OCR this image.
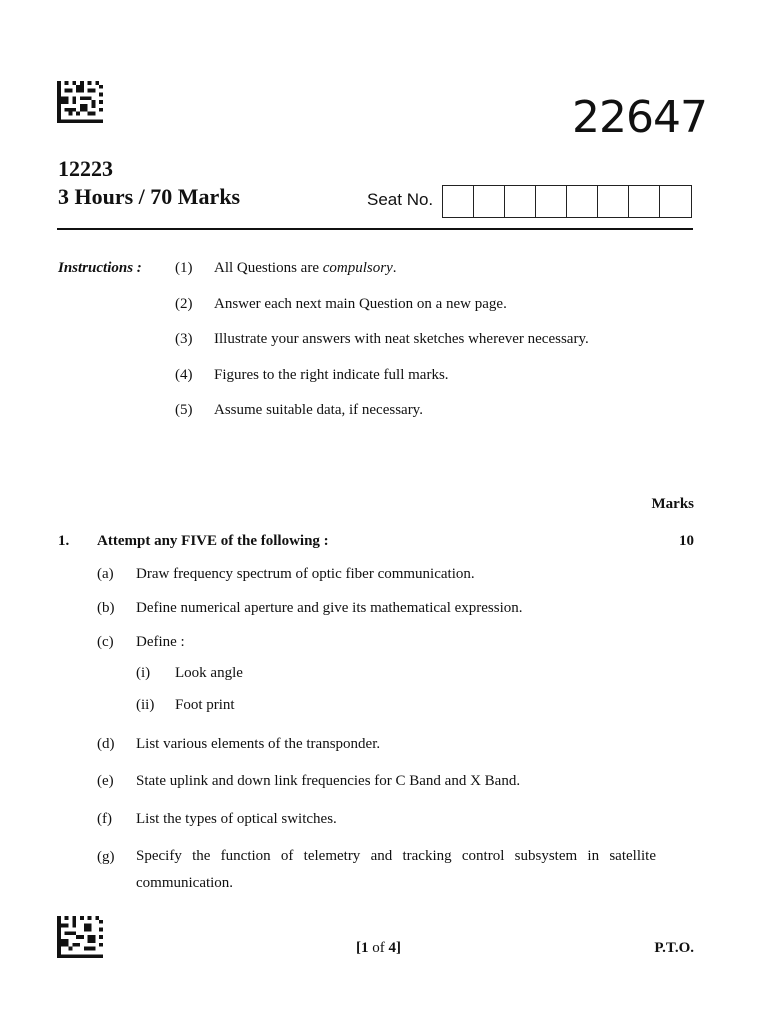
22647
12223
3 Hours / 70 Marks	Seat No.
Instructions : (1) All Questions are compulsory.
(2) Answer each next main Question on a new page.
(3) Illustrate your answers with neat sketches wherever necessary.
(4) Figures to the right indicate full marks.
(5) Assume suitable data, if necessary.
Marks
1. Attempt any FIVE of the following :	10
(a) Draw frequency spectrum of optic fiber communication.
(b) Define numerical aperture and give its mathematical expression.
(c) Define :
(i) Look angle
(ii) Foot print
(d) List various elements of the transponder.
(e) State uplink and down link frequencies for C Band and X Band.
(f) List the types of optical switches.
(g) Specify the function of telemetry and tracking control subsystem in satellite communication.
[1 of 4]	P.T.O.
